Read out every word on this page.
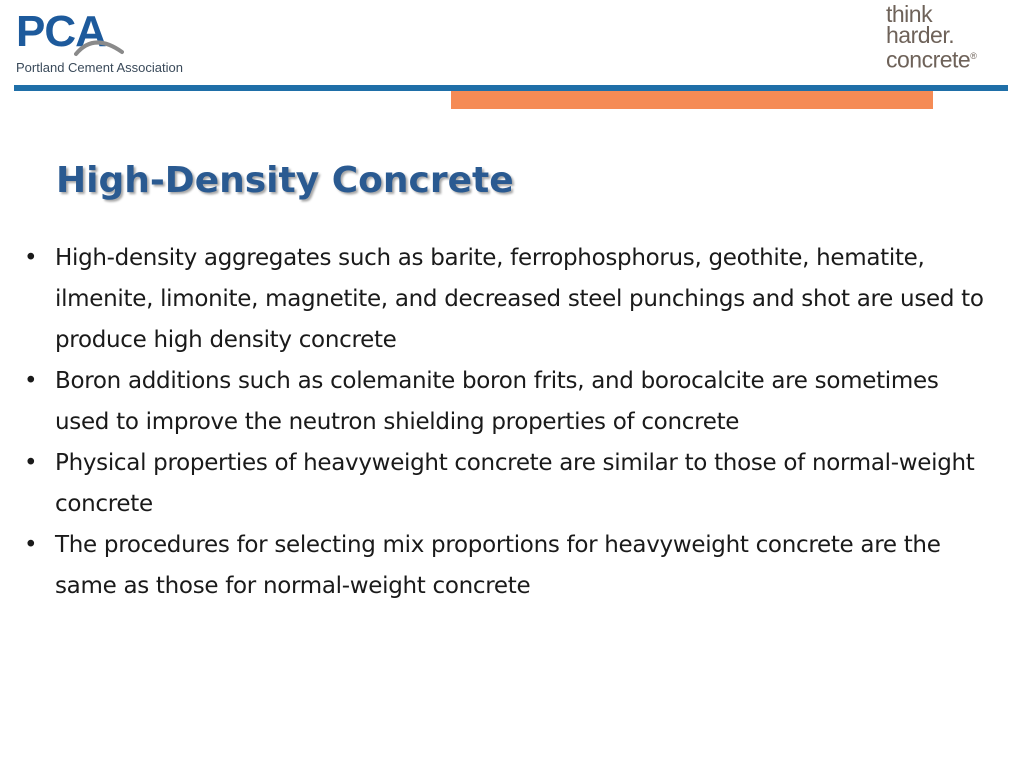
PCA
Portland Cement Association
think
harder.
concrete®
High-Density Concrete
• High-density aggregates such as barite, ferrophosphorus, geothite, hematite, ilmenite, limonite, magnetite, and decreased steel punchings and shot are used to produce high density concrete
• Boron additions such as colemanite boron frits, and borocalcite are sometimes used to improve the neutron shielding properties of concrete
• Physical properties of heavyweight concrete are similar to those of normal-weight concrete
• The procedures for selecting mix proportions for heavyweight concrete are the same as those for normal-weight concrete
